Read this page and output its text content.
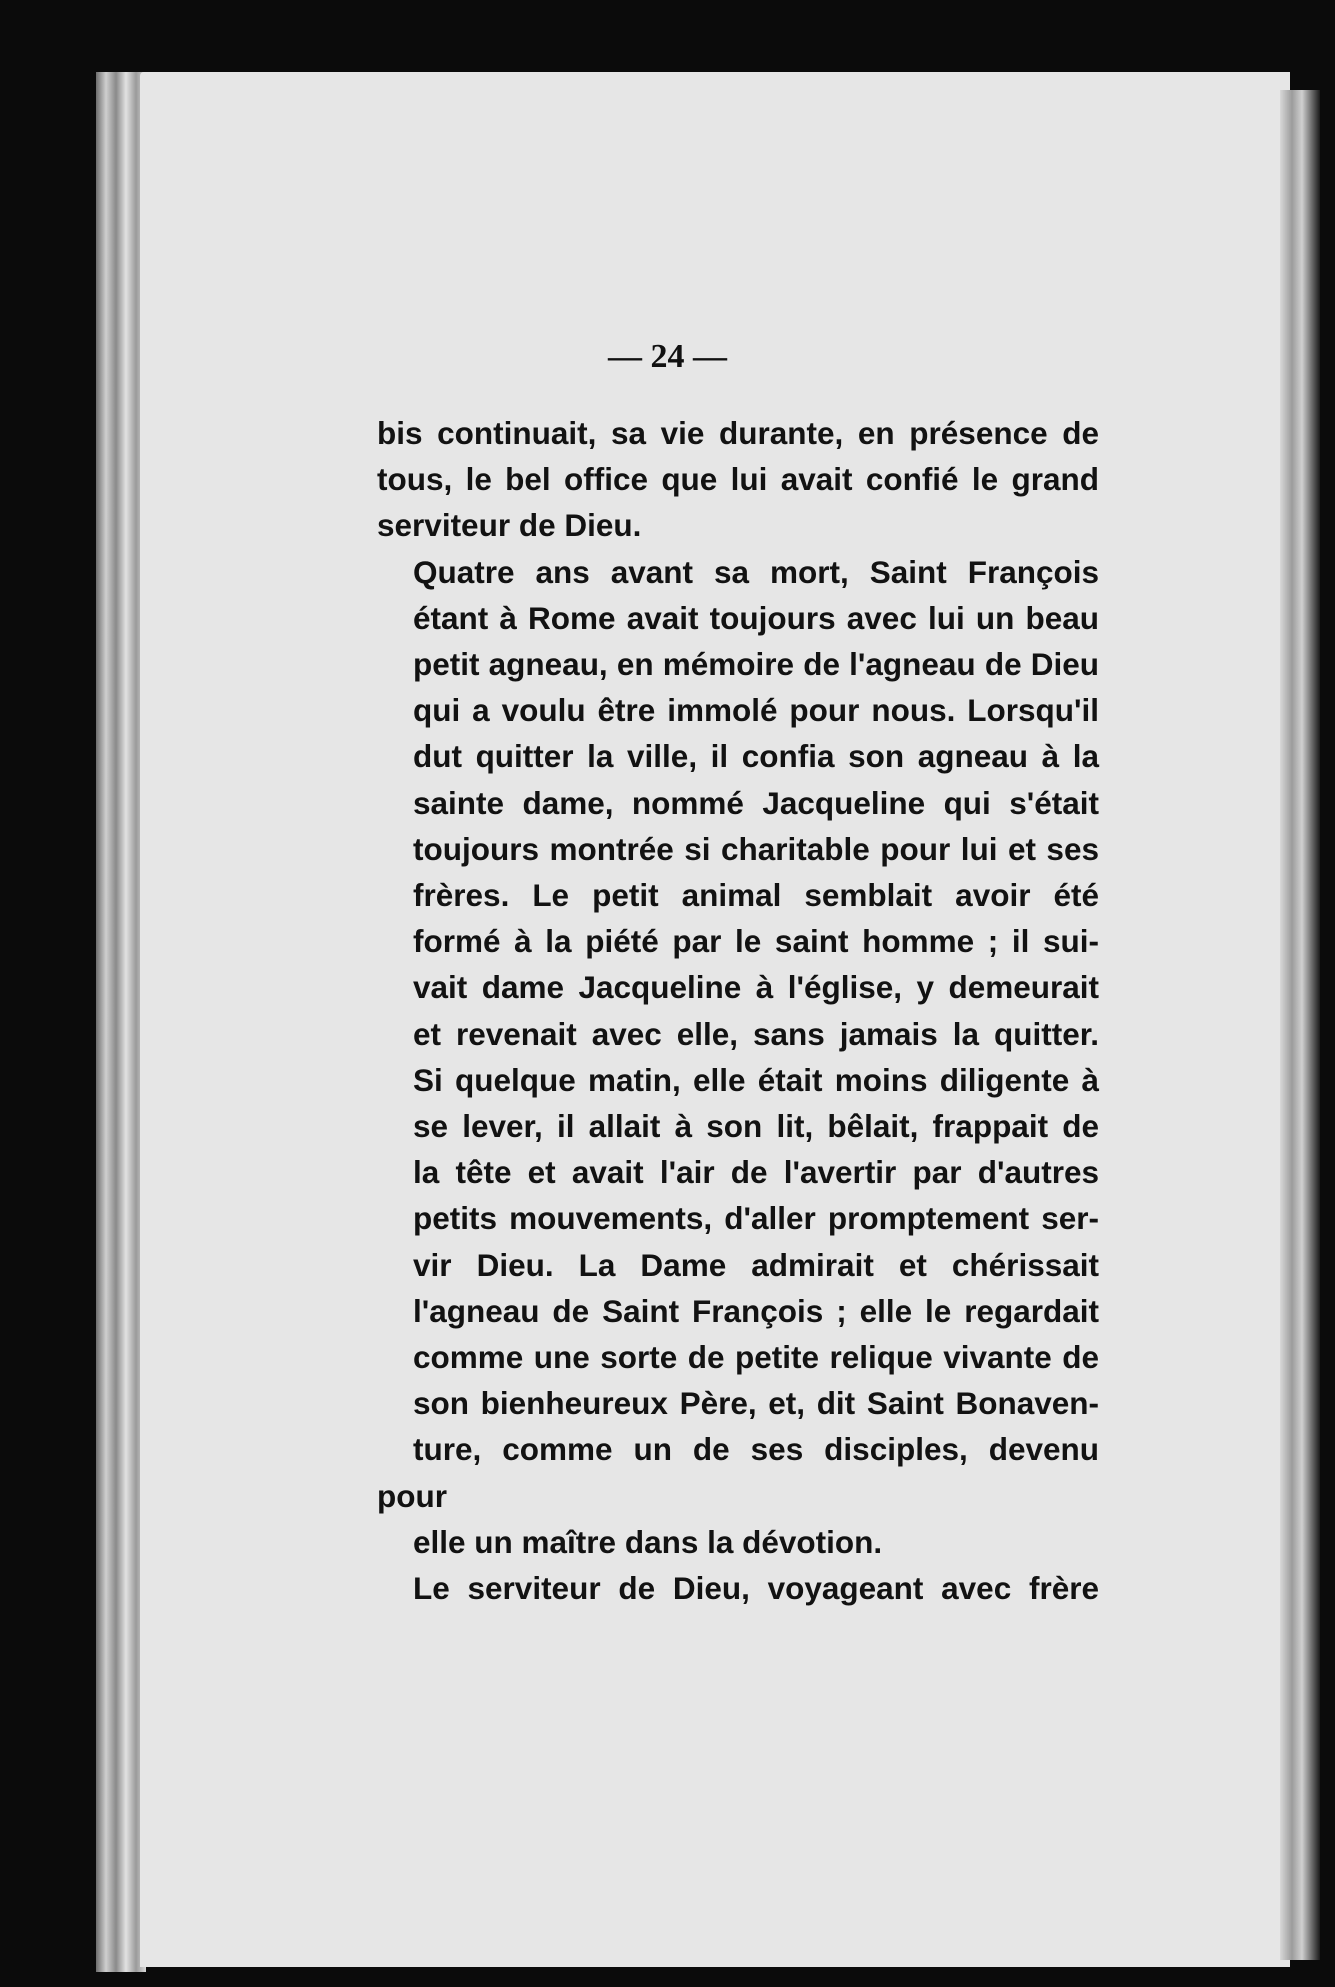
— 24 —

bis continuait, sa vie durante, en présence de
tous, le bel office que lui avait confié le grand
serviteur de Dieu.

Quatre ans avant sa mort, Saint François
étant à Rome avait toujours avec lui un beau
petit agneau, en mémoire de l'agneau de Dieu
qui a voulu être immolé pour nous. Lorsqu'il
dut quitter la ville, il confia son agneau à la
sainte dame, nommé Jacqueline qui s'était
toujours montrée si charitable pour lui et ses
frères. Le petit animal semblait avoir été
formé à la piété par le saint homme ; il sui-
vait dame Jacqueline à l'église, y demeurait
et revenait avec elle, sans jamais la quitter.
Si quelque matin, elle était moins diligente à
se lever, il allait à son lit, bêlait, frappait de
la tête et avait l'air de l'avertir par d'autres
petits mouvements, d'aller promptement ser-
vir Dieu. La Dame admirait et chérissait
l'agneau de Saint François ; elle le regardait
comme une sorte de petite relique vivante de
son bienheureux Père, et, dit Saint Bonaven-
ture, comme un de ses disciples, devenu pour
elle un maître dans la dévotion.

Le serviteur de Dieu, voyageant avec frère
